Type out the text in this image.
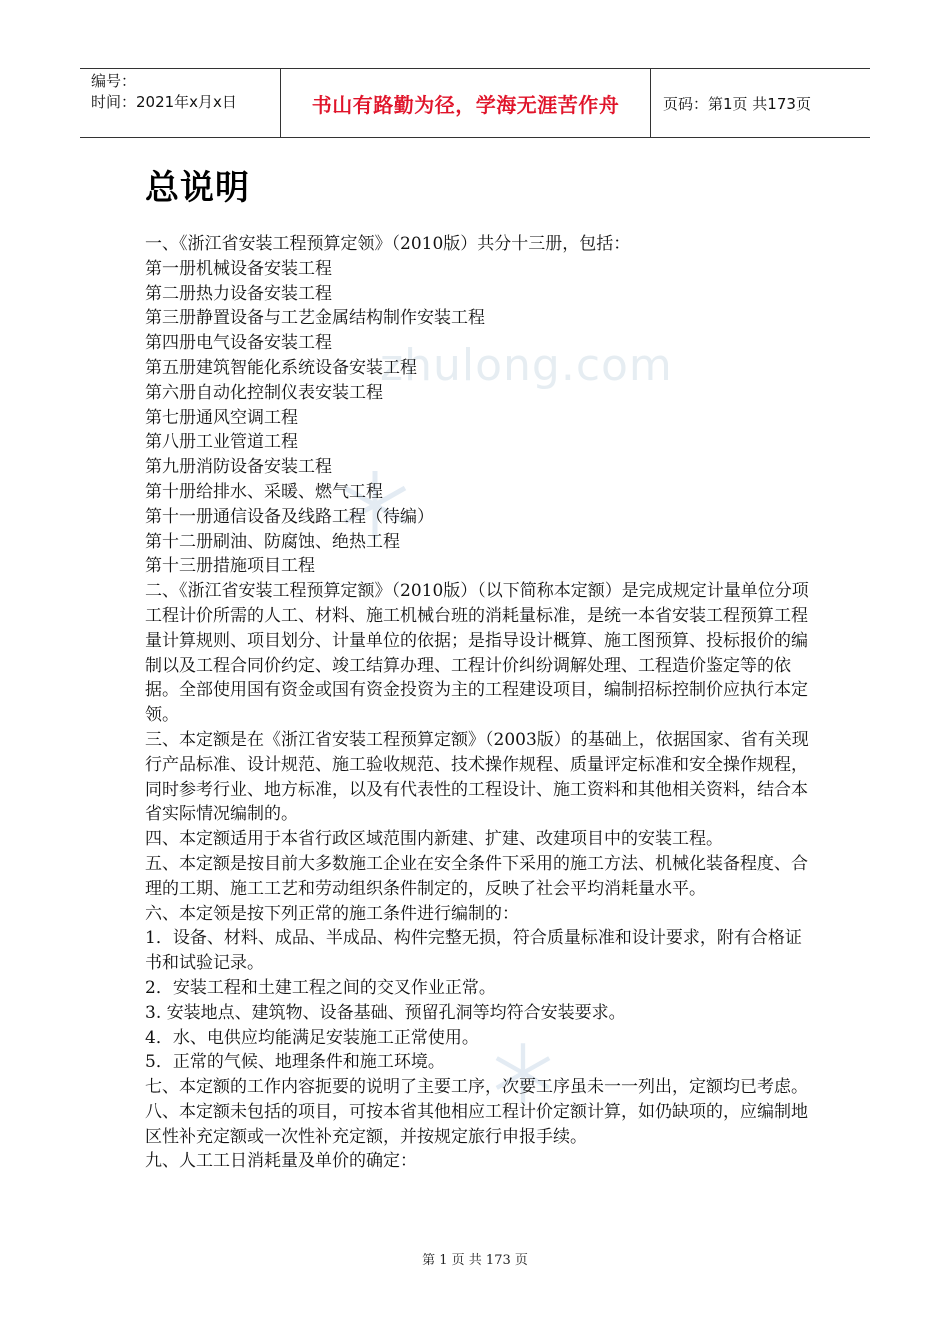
编号：
时间：2021年x月x日	书山有路勤为径，学海无涯苦作舟	页码：第1页 共173页
zhulong.com
总说明

一、《浙江省安装工程预算定领》（2010版）共分十三册，包括：

第一册机械设备安装工程

第二册热力设备安装工程

第三册静置设备与工艺金属结构制作安装工程

第四册电气设备安装工程

第五册建筑智能化系统设备安装工程

第六册自动化控制仪表安装工程

第七册通风空调工程

第八册工业管道工程

第九册消防设备安装工程

第十册给排水、采暖、燃气工程

第十一册通信设备及线路工程（待编）

第十二册刷油、防腐蚀、绝热工程

第十三册措施项目工程

二、《浙江省安装工程预算定额》（2010版）（以下简称本定额）是完成规定计量单位分项工程计价所需的人工、材料、施工机械台班的消耗量标准，是统一本省安装工程预算工程量计算规则、项目划分、计量单位的依据；是指导设计概算、施工图预算、投标报价的编制以及工程合同价约定、竣工结算办理、工程计价纠纷调解处理、工程造价鉴定等的依据。全部使用国有资金或国有资金投资为主的工程建设项目，编制招标控制价应执行本定领。

三、本定额是在《浙江省安装工程预算定额》（2003版）的基础上，依据国家、省有关现行产品标准、设计规范、施工验收规范、技术操作规程、质量评定标准和安全操作规程，同时参考行业、地方标准，以及有代表性的工程设计、施工资料和其他相关资料，结合本省实际情况编制的。

四、本定额适用于本省行政区域范围内新建、扩建、改建项目中的安装工程。

五、本定额是按目前大多数施工企业在安全条件下采用的施工方法、机械化装备程度、合理的工期、施工工艺和劳动组织条件制定的，反映了社会平均消耗量水平。

六、本定领是按下列正常的施工条件进行编制的：

1．设备、材料、成品、半成品、构件完整无损，符合质量标准和设计要求，附有合格证书和试验记录。

2．安装工程和土建工程之间的交叉作业正常。

3. 安装地点、建筑物、设备基础、预留孔洞等均符合安装要求。

4．水、电供应均能满足安装施工正常使用。

5．正常的气候、地理条件和施工环境。

七、本定额的工作内容扼要的说明了主要工序，次要工序虽未一一列出，定额均已考虑。

八、本定额未包括的项目，可按本省其他相应工程计价定额计算，如仍缺项的，应编制地区性补充定额或一次性补充定额，并按规定旅行申报手续。

九、人工工日消耗量及单价的确定：

第 1 页 共 173 页
